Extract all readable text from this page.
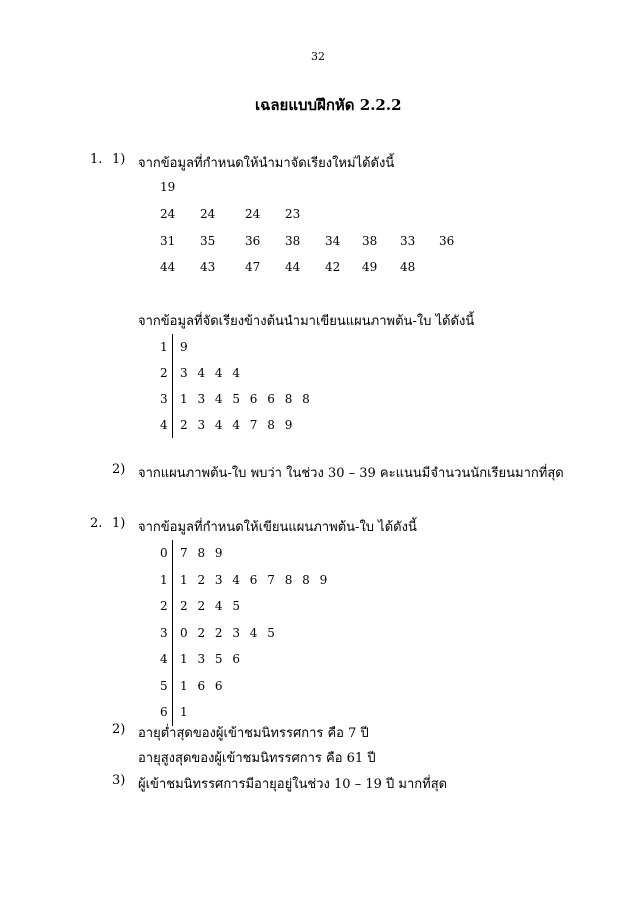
32
เฉลยแบบฝึกหัด 2.2.2
1. 1) จากข้อมูลที่กำหนดให้นำมาจัดเรียงใหม่ได้ดังนี้
19
24 24 24 23
31 35 36 38 34 38 33 36
44 43 47 44 42 49 48
จากข้อมูลที่จัดเรียงข้างต้นนำมาเขียนแผนภาพต้น-ใบ ได้ดังนี้
1 9
2 3 4 4 4
3 1 3 4 5 6 6 8 8
4 2 3 4 4 7 8 9
2) จากแผนภาพต้น-ใบ พบว่า ในช่วง 30 – 39 คะแนนมีจำนวนนักเรียนมากที่สุด
2. 1) จากข้อมูลที่กำหนดให้เขียนแผนภาพต้น-ใบ ได้ดังนี้
0 7 8 9
1 1 2 3 4 6 7 8 8 9
2 2 2 4 5
3 0 2 2 3 4 5
4 1 3 5 6
5 1 6 6
6 1
2) อายุต่ำสุดของผู้เข้าชมนิทรรศการ คือ 7 ปี
อายุสูงสุดของผู้เข้าชมนิทรรศการ คือ 61 ปี
3) ผู้เข้าชมนิทรรศการมีอายุอยู่ในช่วง 10 – 19 ปี มากที่สุด
